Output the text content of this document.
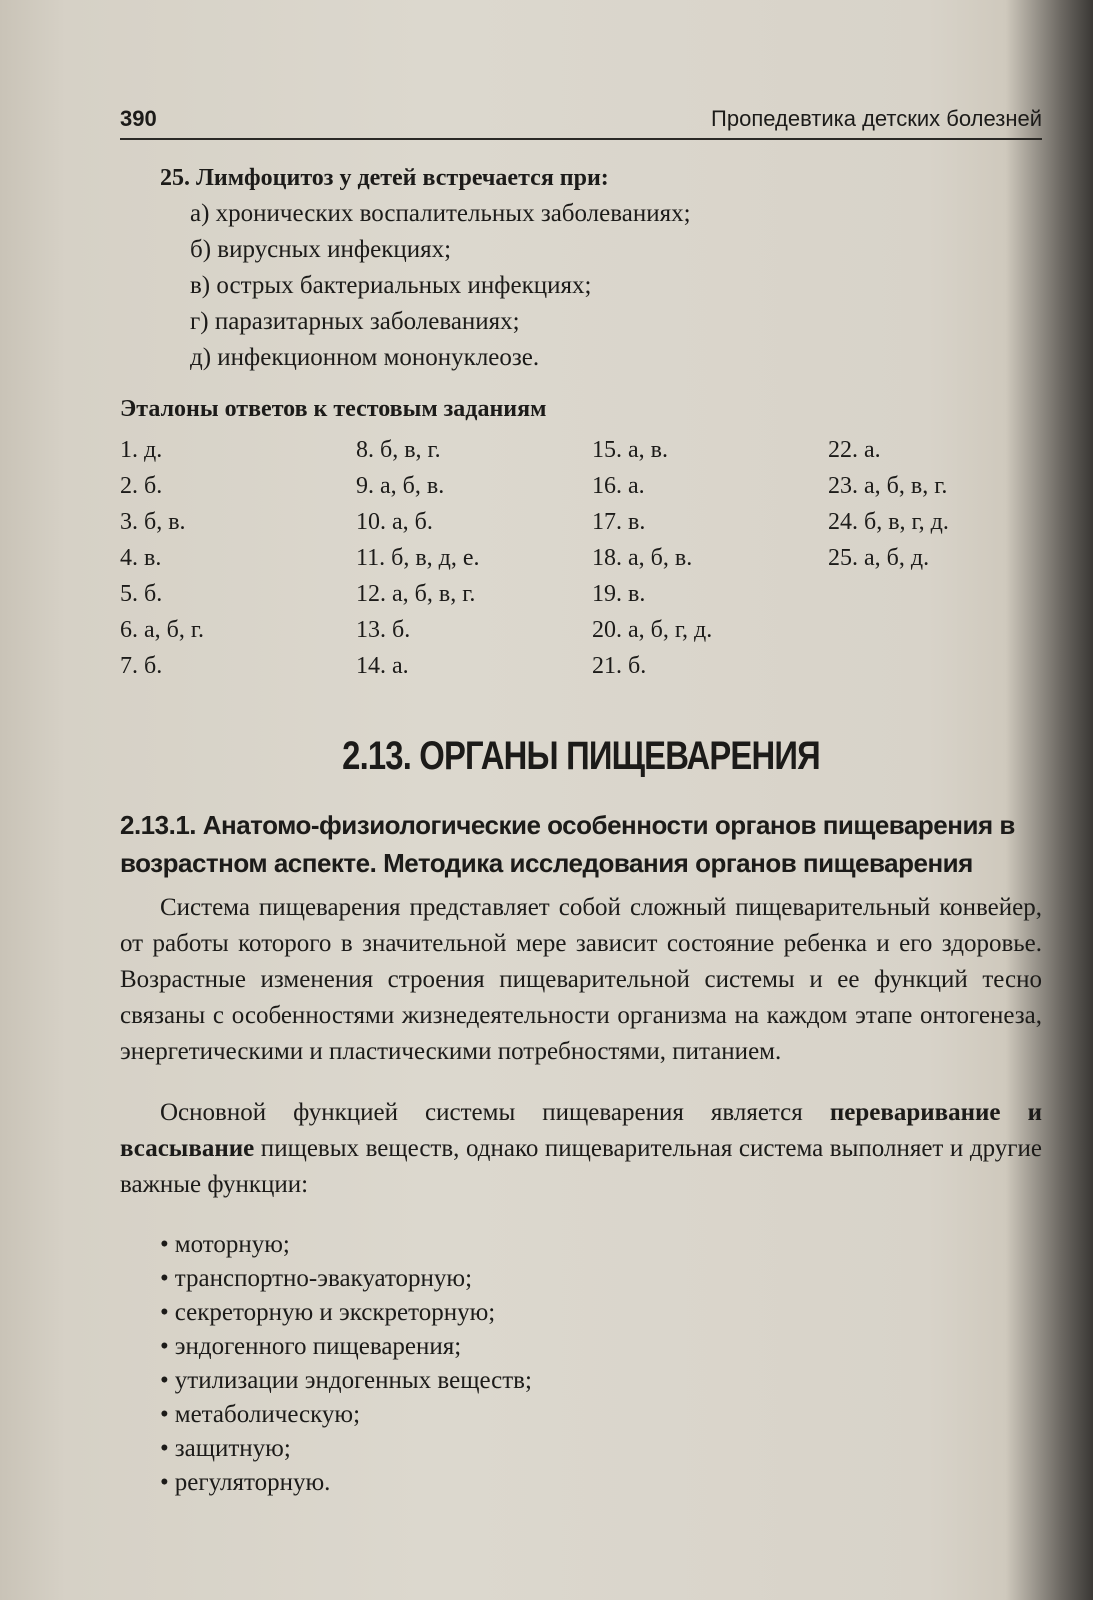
390	Пропедевтика детских болезней
25. Лимфоцитоз у детей встречается при:
а) хронических воспалительных заболеваниях;
б) вирусных инфекциях;
в) острых бактериальных инфекциях;
г) паразитарных заболеваниях;
д) инфекционном мононуклеозе.
Эталоны ответов к тестовым заданиям
1. д.
2. б.
3. б, в.
4. в.
5. б.
6. а, б, г.
7. б.
8. б, в, г.
9. а, б, в.
10. а, б.
11. б, в, д, е.
12. а, б, в, г.
13. б.
14. а.
15. а, в.
16. а.
17. в.
18. а, б, в.
19. в.
20. а, б, г, д.
21. б.
22. а.
23. а, б, в, г.
24. б, в, г, д.
25. а, б, д.
2.13. ОРГАНЫ ПИЩЕВАРЕНИЯ
2.13.1. Анатомо-физиологические особенности органов пищеварения в возрастном аспекте. Методика исследования органов пищеварения

Система пищеварения представляет собой сложный пищеварительный конвейер, от работы которого в значительной мере зависит состояние ребенка и его здоровье. Возрастные изменения строения пищеварительной системы и ее функций тесно связаны с особенностями жизнедеятельности организма на каждом этапе онтогенеза, энергетическими и пластическими потребностями, питанием.

Основной функцией системы пищеварения является переваривание и всасывание пищевых веществ, однако пищеварительная система выполняет и другие важные функции:

• моторную;
• транспортно-эвакуаторную;
• секреторную и экскреторную;
• эндогенного пищеварения;
• утилизации эндогенных веществ;
• метаболическую;
• защитную;
• регуляторную.
